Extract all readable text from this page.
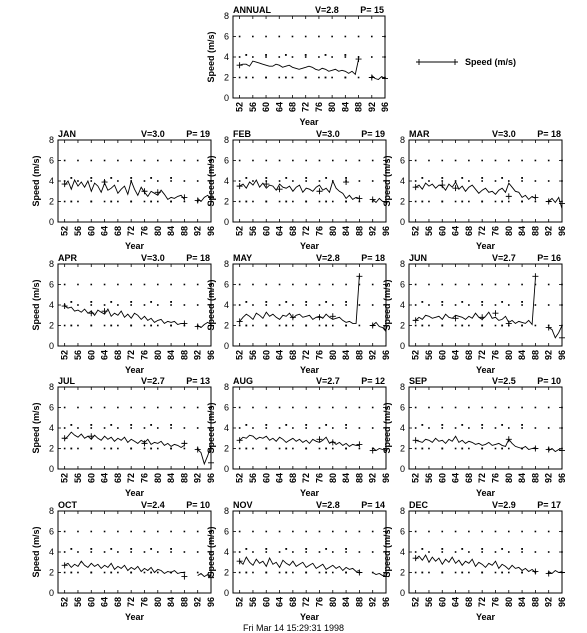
ANNUAL	V=2.8 P= 15
0
2
4
6
8
52 56 60 64 68 72 76 80 84 88 92 96
Year
Speed (m/s)
JAN	V=3.0 P= 19
0
2
4
6
8
52 56 60 64 68 72 76 80 84 88 92 96
Year
Speed (m/s)
FEB	V=3.0 P= 19
0
2
4
6
8
52 56 60 64 68 72 76 80 84 88 92 96
Year
Speed (m/s)
MAR	V=3.0 P= 18
0
2
4
6
8
52 56 60 64 68 72 76 80 84 88 92 96
Year
Speed (m/s)
APR	V=3.0 P= 18
0
2
4
6
8
52 56 60 64 68 72 76 80 84 88 92 96
Year
Speed (m/s)
MAY	V=2.8 P= 18
0
2
4
6
8
52 56 60 64 68 72 76 80 84 88 92 96
Year
Speed (m/s)
JUN	V=2.7 P= 16
0
2
4
6
8
52 56 60 64 68 72 76 80 84 88 92 96
Year
Speed (m/s)
JUL	V=2.7 P= 13
0
2
4
6
8
52 56 60 64 68 72 76 80 84 88 92 96
Year
Speed (m/s)
AUG	V=2.7 P= 12
0
2
4
6
8
52 56 60 64 68 72 76 80 84 88 92 96
Year
Speed (m/s)
SEP	V=2.5 P= 10
0
2
4
6
8
52 56 60 64 68 72 76 80 84 88 92 96
Year
Speed (m/s)
OCT	V=2.4 P= 10
0
2
4
6
8
52 56 60 64 68 72 76 80 84 88 92 96
Year
Speed (m/s)
NOV	V=2.8 P= 14
0
2
4
6
8
52 56 60 64 68 72 76 80 84 88 92 96
Year
Speed (m/s)
DEC	V=2.9 P= 17
0
2
4
6
8
52 56 60 64 68 72 76 80 84 88 92 96
Year
Speed (m/s)
Speed (m/s)
Fri Mar 14 15:29:31 1998
